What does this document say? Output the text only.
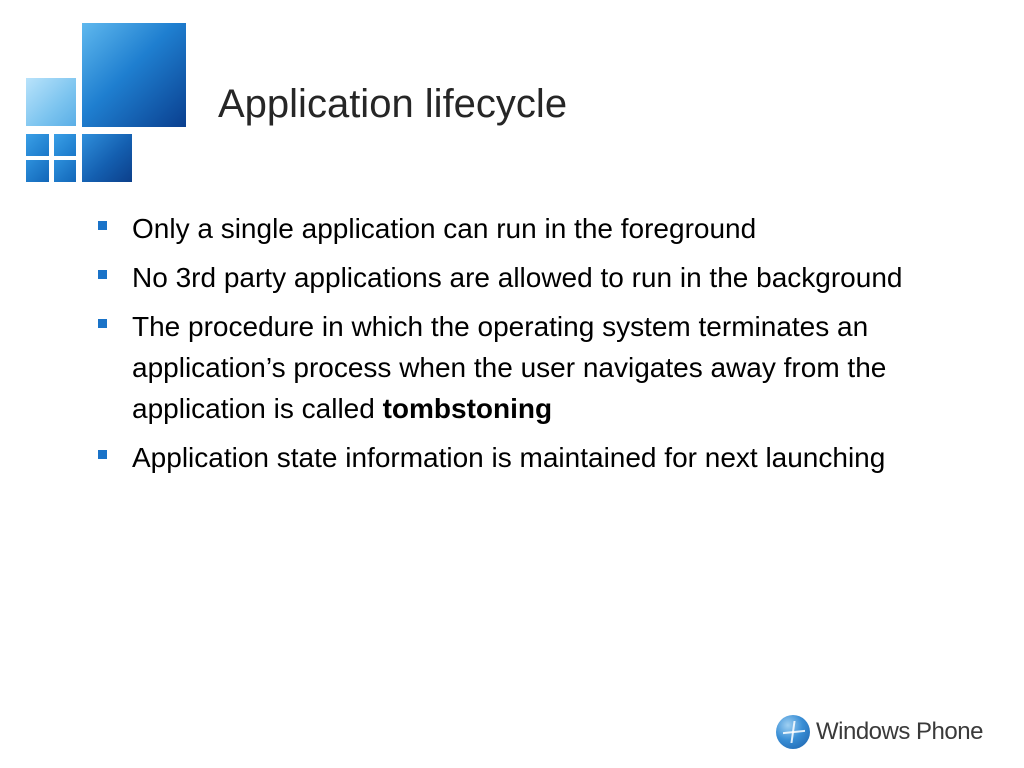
Application lifecycle
Only a single application can run in the foreground
No 3rd party applications are allowed to run in the background
The procedure in which the operating system terminates an application’s process when the user navigates away from the application is called tombstoning
Application state information is maintained for next launching
Windows Phone
